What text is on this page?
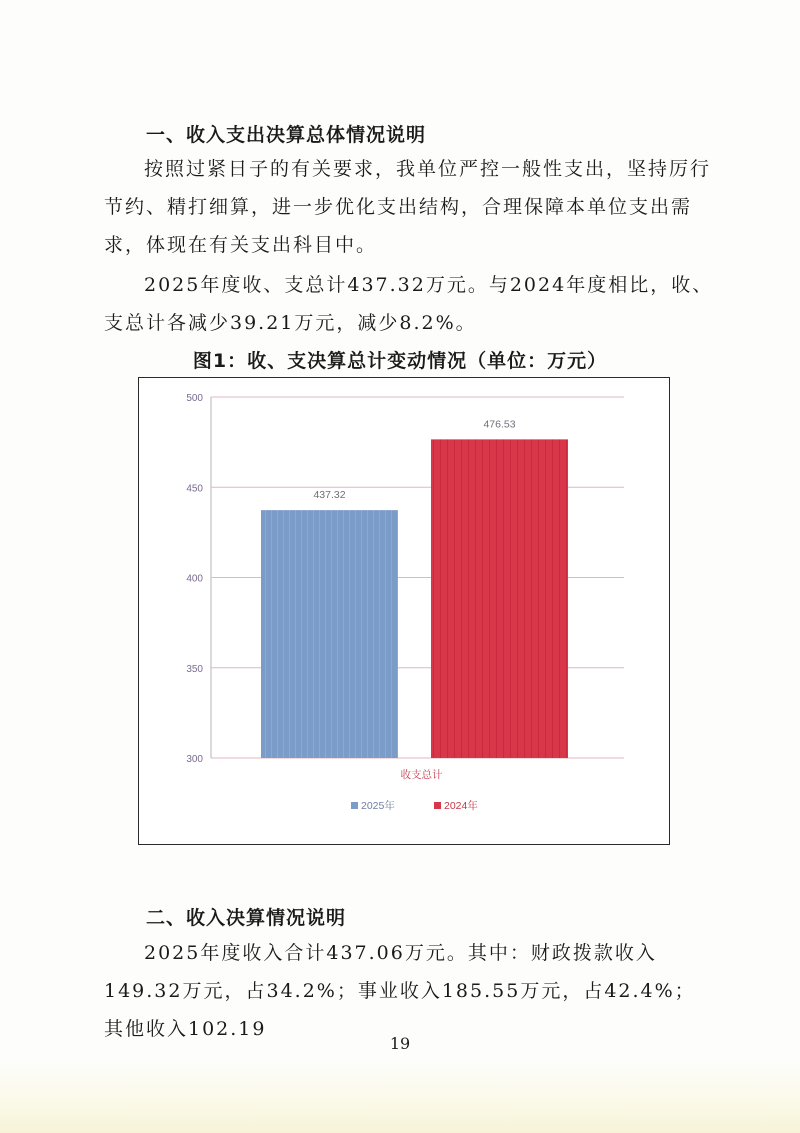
一、收入支出决算总体情况说明

按照过紧日子的有关要求，我单位严控一般性支出，坚持厉行节约、精打细算，进一步优化支出结构，合理保障本单位支出需求，体现在有关支出科目中。

2025年度收、支总计437.32万元。与2024年度相比，收、支总计各减少39.21万元，减少8.2%。

图1：收、支决算总计变动情况（单位：万元）
500
450
400
350
300
437.32
476.53
收支总计
2025年	2024年
二、收入决算情况说明

2025年度收入合计437.06万元。其中：财政拨款收入149.32万元，占34.2%；事业收入185.55万元，占42.4%；其他收入102.19

19
